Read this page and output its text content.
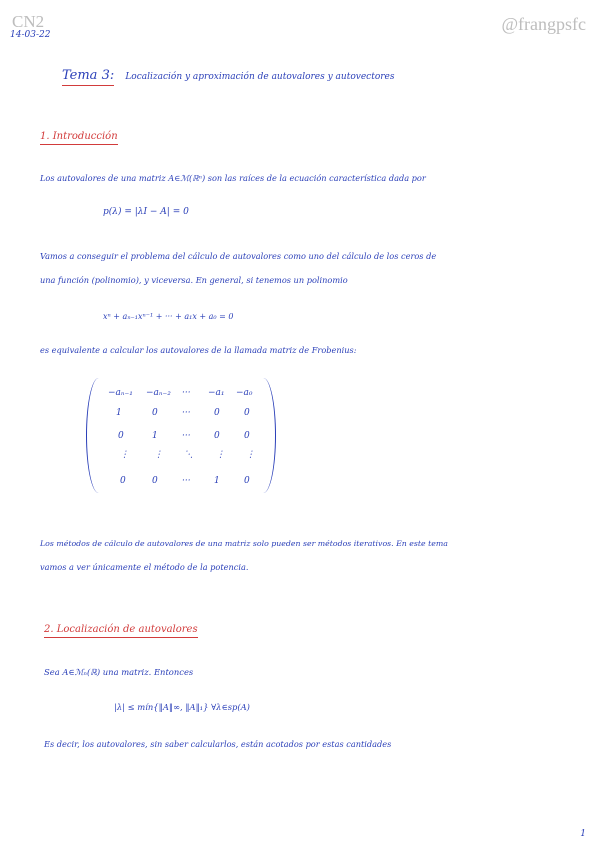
CN2
14-03-22
@frangpsfc
Tema 3: Localización y aproximación de autovalores y autovectores
1. Introducción
Los autovalores de una matriz A∈ℳ(ℝⁿ) son las raíces de la ecuación característica dada por
p(λ) = |λI − A| = 0
Vamos a conseguir el problema del cálculo de autovalores como uno del cálculo de los ceros de
una función (polinomio), y viceversa. En general, si tenemos un polinomio
xⁿ + aₙ₋₁xⁿ⁻¹ + ··· + a₁x + a₀ = 0
es equivalente a calcular los autovalores de la llamada matriz de Frobenius:
−aₙ₋₁ −aₙ₋₂ ··· −a₁ −a₀
1	0	···	0	0
0	1	···	0	0
⋮	⋮ ⋱	⋮ ⋮
0	0	···	1	0
Los métodos de cálculo de autovalores de una matriz solo pueden ser métodos iterativos. En este tema
vamos a ver únicamente el método de la potencia.
2. Localización de autovalores
Sea A∈ℳₙ(ℝ) una matriz. Entonces
|λ| ≤ mín{‖A‖∞, ‖A‖₁} ∀λ∈sp(A)
Es decir, los autovalores, sin saber calcularlos, están acotados por estas cantidades
1
